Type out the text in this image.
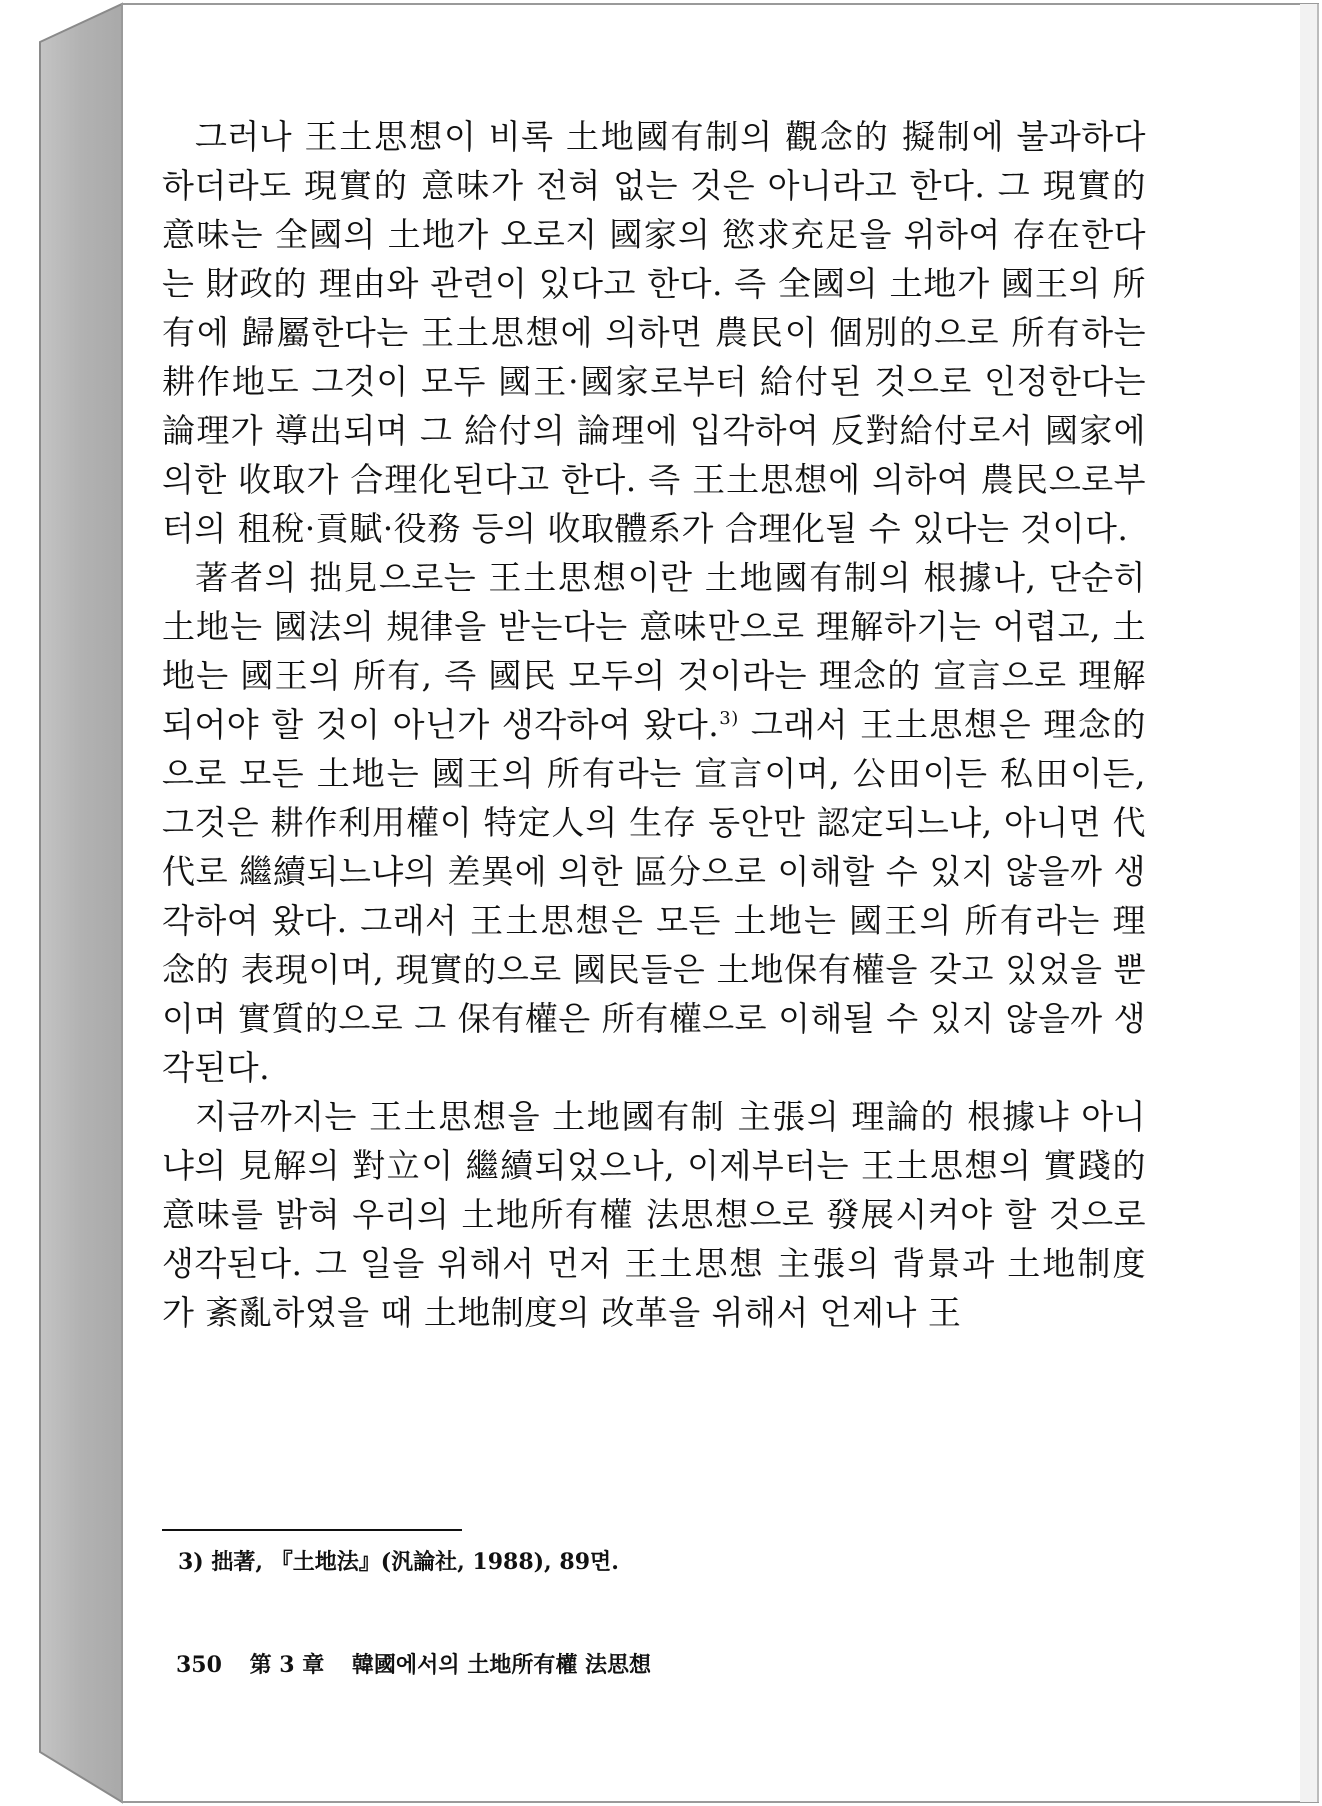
그러나 王土思想이 비록 土地國有制의 觀念的 擬制에 불과하다하더라도 現實的 意味가 전혀 없는 것은 아니라고 한다. 그 現實的 意味는 全國의 土地가 오로지 國家의 慾求充足을 위하여 存在한다는 財政的 理由와 관련이 있다고 한다. 즉 全國의 土地가 國王의 所有에 歸屬한다는 王土思想에 의하면 農民이 個別的으로 所有하는 耕作地도 그것이 모두 國王·國家로부터 給付된 것으로 인정한다는 論理가 導出되며 그 給付의 論理에 입각하여 反對給付로서 國家에 의한 收取가 合理化된다고 한다. 즉 王土思想에 의하여 農民으로부터의 租稅·貢賦·役務 등의 收取體系가 合理化될 수 있다는 것이다.

著者의 拙見으로는 王土思想이란 土地國有制의 根據나, 단순히 土地는 國法의 規律을 받는다는 意味만으로 理解하기는 어렵고, 土地는 國王의 所有, 즉 國民 모두의 것이라는 理念的 宣言으로 理解되어야 할 것이 아닌가 생각하여 왔다.$^{3)}$ 그래서 王土思想은 理念的으로 모든 土地는 國王의 所有라는 宣言이며, 公田이든 私田이든, 그것은 耕作利用權이 特定人의 生存 동안만 認定되느냐, 아니면 代代로 繼續되느냐의 差異에 의한 區分으로 이해할 수 있지 않을까 생각하여 왔다. 그래서 王土思想은 모든 土地는 國王의 所有라는 理念的 表現이며, 現實的으로 國民들은 土地保有權을 갖고 있었을 뿐이며 實質的으로 그 保有權은 所有權으로 이해될 수 있지 않을까 생각된다.

지금까지는 王土思想을 土地國有制 主張의 理論的 根據냐 아니냐의 見解의 對立이 繼續되었으나, 이제부터는 王土思想의 實踐的 意味를 밝혀 우리의 土地所有權 法思想으로 發展시켜야 할 것으로 생각된다. 그 일을 위해서 먼저 王土思想 主張의 背景과 土地制度가 紊亂하였을 때 土地制度의 改革을 위해서 언제나 王

3) 拙著, 『土地法』(汎論社, 1988), 89면.
350 第 3 章 韓國에서의 土地所有權 法思想
